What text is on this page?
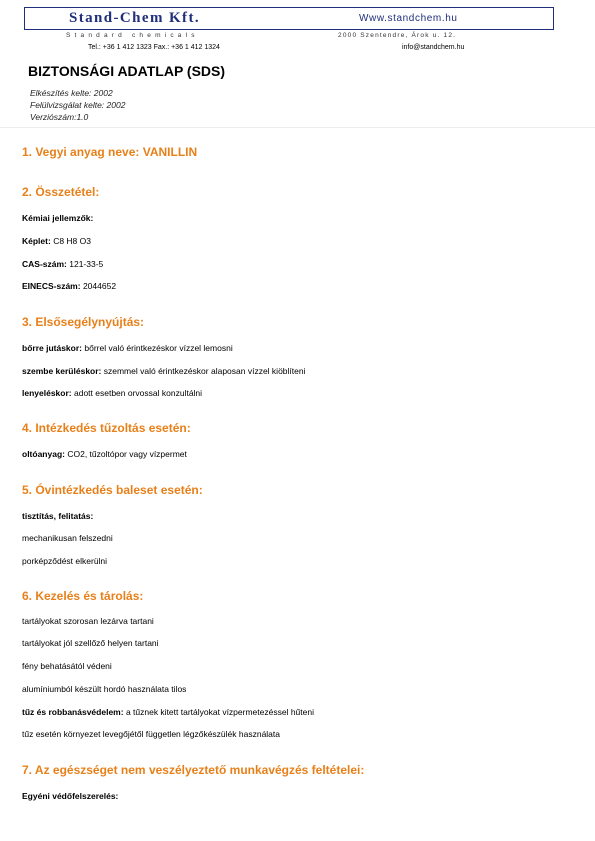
Stand-Chem Kft.	Www.standchem.hu
Standard chemicals	2000 Szentendre, Árok u. 12.
Tel.: +36 1 412 1323 Fax.: +36 1 412 1324	info@standchem.hu
BIZTONSÁGI ADATLAP (SDS)
Elkészítés kelte: 2002
Felülvizsgálat kelte: 2002
Verziószám:1.0
1. Vegyi anyag neve: VANILLIN
2. Összetétel:
Kémiai jellemzők:
Képlet: C8 H8 O3
CAS-szám: 121-33-5
EINECS-szám: 2044652
3. Elsősegélynyújtás:
bőrre jutáskor: bőrrel való érintkezéskor vízzel lemosni
szembe kerüléskor: szemmel való érintkezéskor alaposan vízzel kiöblíteni
lenyeléskor: adott esetben orvossal konzultálni
4. Intézkedés tűzoltás esetén:
oltóanyag: CO2, tűzoltópor vagy vízpermet
5. Óvintézkedés baleset esetén:
tisztítás, felitatás:
mechanikusan felszedni
porképződést elkerülni
6. Kezelés és tárolás:
tartályokat szorosan lezárva tartani
tartályokat jól szellőző helyen tartani
fény behatásától védeni
alumíniumból készült hordó használata tilos
tűz és robbanásvédelem: a tűznek kitett tartályokat vízpermetezéssel hűteni
tűz esetén környezet levegőjétől független légzőkészülék használata
7. Az egészséget nem veszélyeztető munkavégzés feltételei:
Egyéni védőfelszerelés:
